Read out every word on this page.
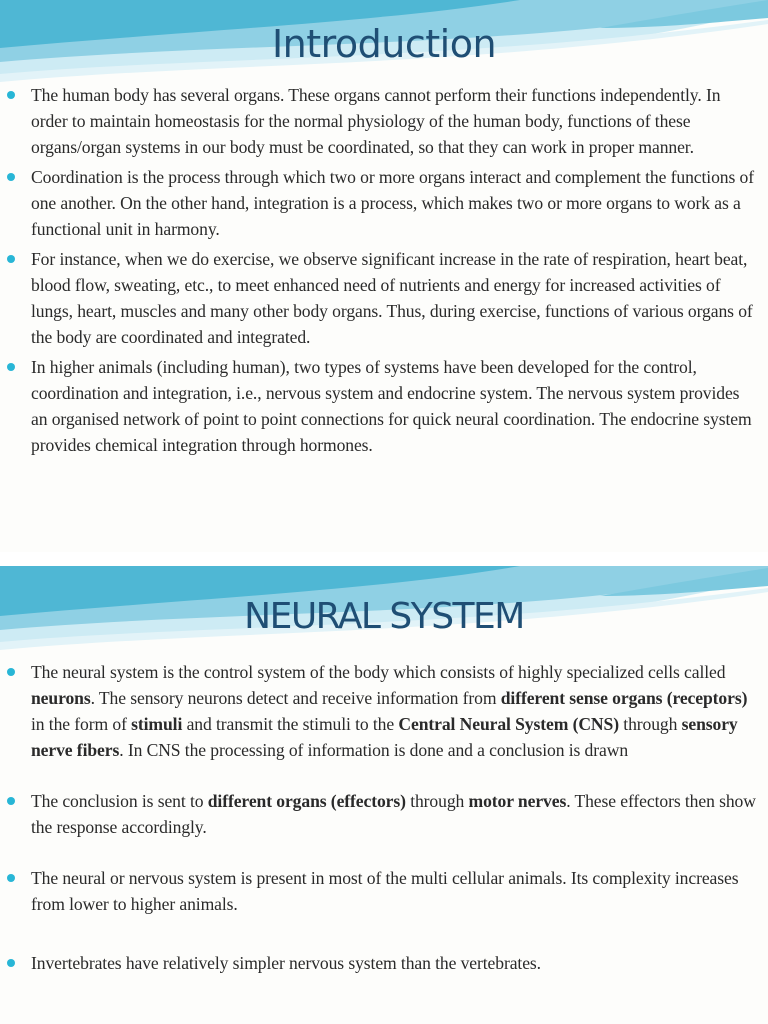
Introduction
The human body has several organs. These organs cannot perform their functions independently. In order to maintain homeostasis for the normal physiology of the human body, functions of these organs/organ systems in our body must be coordinated, so that they can work in proper manner.
Coordination is the process through which two or more organs interact and complement the functions of one another. On the other hand, integration is a process, which makes two or more organs to work as a functional unit in harmony.
For instance, when we do exercise, we observe significant increase in the rate of respiration, heart beat, blood flow, sweating, etc., to meet enhanced need of nutrients and energy for increased activities of lungs, heart, muscles and many other body organs. Thus, during exercise, functions of various organs of the body are coordinated and integrated.
In higher animals (including human), two types of systems have been developed for the control, coordination and integration, i.e., nervous system and endocrine system. The nervous system provides an organised network of point to point connections for quick neural coordination. The endocrine system provides chemical integration through hormones.
NEURAL SYSTEM
The neural system is the control system of the body which consists of highly specialized cells called neurons. The sensory neurons detect and receive information from different sense organs (receptors) in the form of stimuli and transmit the stimuli to the Central Neural System (CNS) through sensory nerve fibers. In CNS the processing of information is done and a conclusion is drawn
The conclusion is sent to different organs (effectors) through motor nerves. These effectors then show the response accordingly.
The neural or nervous system is present in most of the multi cellular animals. Its complexity increases from lower to higher animals.
Invertebrates have relatively simpler nervous system than the vertebrates.
